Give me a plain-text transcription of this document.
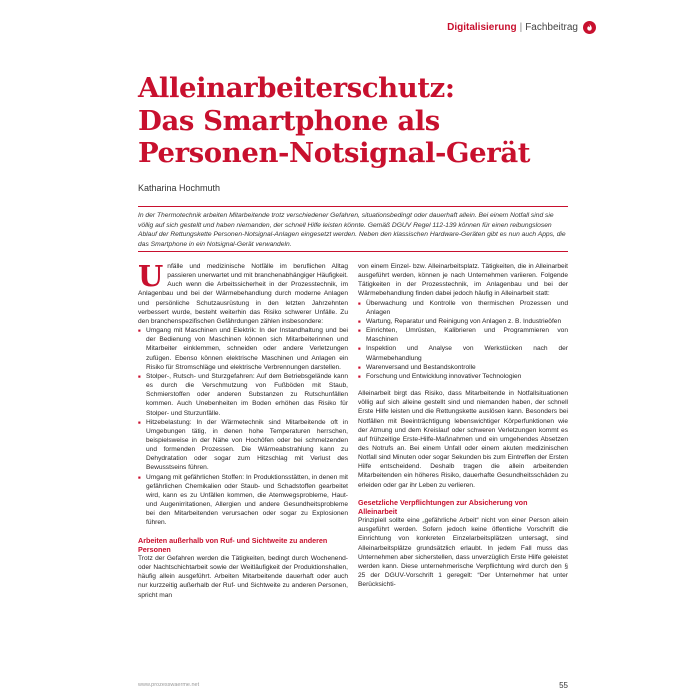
Digitalisierung | Fachbeitrag
Alleinarbeiterschutz:
Das Smartphone als
Personen-Notsignal-Gerät
Katharina Hochmuth

In der Thermotechnik arbeiten Mitarbeitende trotz verschiedener Gefahren, situationsbedingt oder dauerhaft allein. Bei einem Notfall sind sie völlig auf sich gestellt und haben niemanden, der schnell Hilfe leisten könnte. Gemäß DGUV Regel 112-139 können für einen reibungslosen Ablauf der Rettungskette Personen-Notsignal-Anlagen eingesetzt werden. Neben den klassischen Hardware-Geräten gibt es nun auch Apps, die das Smartphone in ein Notsignal-Gerät verwandeln.

Unfälle und medizinische Notfälle im beruflichen Alltag passieren unerwartet und mit branchenabhängiger Häufigkeit. Auch wenn die Arbeitssicherheit in der Prozesstechnik, im Anlagenbau und bei der Wärmebehandlung durch moderne Anlagen und persönliche Schutzausrüstung in den letzten Jahrzehnten verbessert wurde, besteht weiterhin das Risiko schwerer Unfälle. Zu den branchenspezifischen Gefährdungen zählen insbesondere:

■ Umgang mit Maschinen und Elektrik: In der Instandhaltung und bei der Bedienung von Maschinen können sich Mitarbeiterinnen und Mitarbeiter einklemmen, schneiden oder andere Verletzungen zufügen. Ebenso können elektrische Maschinen und Anlagen ein Risiko für Stromschläge und elektrische Verbrennungen darstellen.
■ Stolper-, Rutsch- und Sturzgefahren: Auf dem Betriebsgelände kann es durch die Verschmutzung von Fußböden mit Staub, Schmierstoffen oder anderen Substanzen zu Rutschunfällen kommen. Auch Unebenheiten im Boden erhöhen das Risiko für Stolper- und Sturzunfälle.
■ Hitzebelastung: In der Wärmetechnik sind Mitarbeitende oft in Umgebungen tätig, in denen hohe Temperaturen herrschen, beispielsweise in der Nähe von Hochöfen oder bei schmelzenden und formenden Prozessen. Die Wärmeabstrahlung kann zu Dehydratation oder sogar zum Hitzschlag mit Verlust des Bewusstseins führen.
■ Umgang mit gefährlichen Stoffen: In Produktionsstätten, in denen mit gefährlichen Chemikalien oder Staub- und Schadstoffen gearbeitet wird, kann es zu Unfällen kommen, die Atemwegsprobleme, Haut- und Augenirritationen, Allergien und andere Gesundheitsprobleme bei den Mitarbeitenden verursachen oder sogar zu Explosionen führen.
Arbeiten außerhalb von Ruf- und Sichtweite zu anderen Personen

Trotz der Gefahren werden die Tätigkeiten, bedingt durch Wochenend- oder Nachtschichtarbeit sowie der Weitläufigkeit der Produktionshallen, häufig allein ausgeführt. Arbeiten Mitarbeitende dauerhaft oder auch nur kurzzeitig außerhalb der Ruf- und Sichtweite zu anderen Personen, spricht man

von einem Einzel- bzw. Alleinarbeitsplatz. Tätigkeiten, die in Alleinarbeit ausgeführt werden, können je nach Unternehmen variieren. Folgende Tätigkeiten in der Prozesstechnik, im Anlagenbau und bei der Wärmebehandlung finden dabei jedoch häufig in Alleinarbeit statt:

■ Überwachung und Kontrolle von thermischen Prozessen und Anlagen
■ Wartung, Reparatur und Reinigung von Anlagen z. B. Industrieöfen
■ Einrichten, Umrüsten, Kalibrieren und Programmieren von Maschinen
■ Inspektion und Analyse von Werkstücken nach der Wärmebehandlung
■ Warenversand und Bestandskontrolle
■ Forschung und Entwicklung innovativer Technologien

Alleinarbeit birgt das Risiko, dass Mitarbeitende in Notfallsituationen völlig auf sich alleine gestellt sind und niemanden haben, der schnell Erste Hilfe leisten und die Rettungskette auslösen kann. Besonders bei Notfällen mit Beeinträchtigung lebenswichtiger Körperfunktionen wie der Atmung und dem Kreislauf oder schweren Verletzungen kommt es auf frühzeitige Erste-Hilfe-Maßnahmen und ein umgehendes Absetzen des Notrufs an. Bei einem Unfall oder einem akuten medizinischen Notfall sind Minuten oder sogar Sekunden bis zum Eintreffen der Ersten Hilfe entscheidend. Deshalb tragen die allein arbeitenden Mitarbeitenden ein höheres Risiko, dauerhafte Gesundheitsschäden zu erleiden oder gar ihr Leben zu verlieren.

Gesetzliche Verpflichtungen zur Absicherung von Alleinarbeit

Prinzipiell sollte eine „gefährliche Arbeit“ nicht von einer Person allein ausgeführt werden. Sofern jedoch keine öffentliche Vorschrift die Einrichtung von konkreten Einzelarbeitsplätzen untersagt, sind Alleinarbeitsplätze grundsätzlich erlaubt. In jedem Fall muss das Unternehmen aber sicherstellen, dass unverzüglich Erste Hilfe geleistet werden kann. Diese unternehmerische Verpflichtung wird durch den § 25 der DGUV-Vorschrift 1 geregelt: “Der Unternehmer hat unter Berücksichti-

www.prozesswaerme.net	55
